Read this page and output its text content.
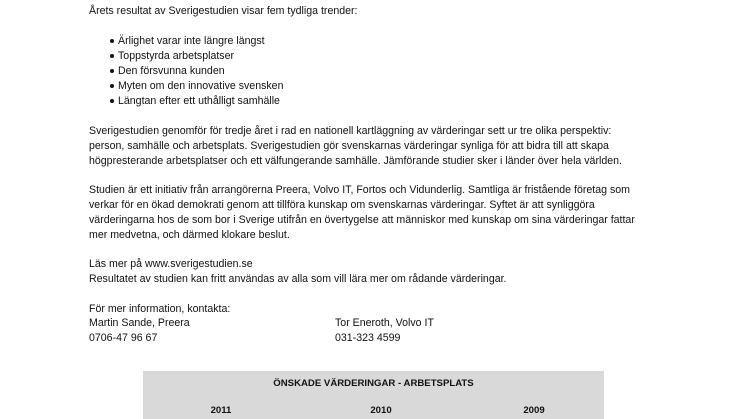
Årets resultat av Sverigestudien visar fem tydliga trender:

Ärlighet varar inte längre längst
Toppstyrda arbetsplatser
Den försvunna kunden
Myten om den innovative svensken
Längtan efter ett uthålligt samhälle

Sverigestudien genomför för tredje året i rad en nationell kartläggning av värderingar sett ur tre olika perspektiv:

person, samhälle och arbetsplats. Sverigestudien gör svenskarnas värderingar synliga för att bidra till att skapa

högpresterande arbetsplatser och ett välfungerande samhälle. Jämförande studier sker i länder över hela världen.

Studien är ett initiativ från arrangörerna Preera, Volvo IT, Fortos och Vidunderlig. Samtliga är fristående företag som

verkar för en ökad demokrati genom att tillföra kunskap om svenskarnas värderingar. Syftet är att synliggöra

värderingarna hos de som bor i Sverige utifrån en övertygelse att människor med kunskap om sina värderingar fattar

mer medvetna, och därmed klokare beslut.

Läs mer på www.sverigestudien.se

Resultatet av studien kan fritt användas av alla som vill lära mer om rådande värderingar.

För mer information, kontakta:

Martin Sande, Preera

0706-47 96 67

Tor Eneroth, Volvo IT

031-323 4599

ÖNSKADE VÄRDERINGAR - ARBETSPLATS
2011	2010	2009
